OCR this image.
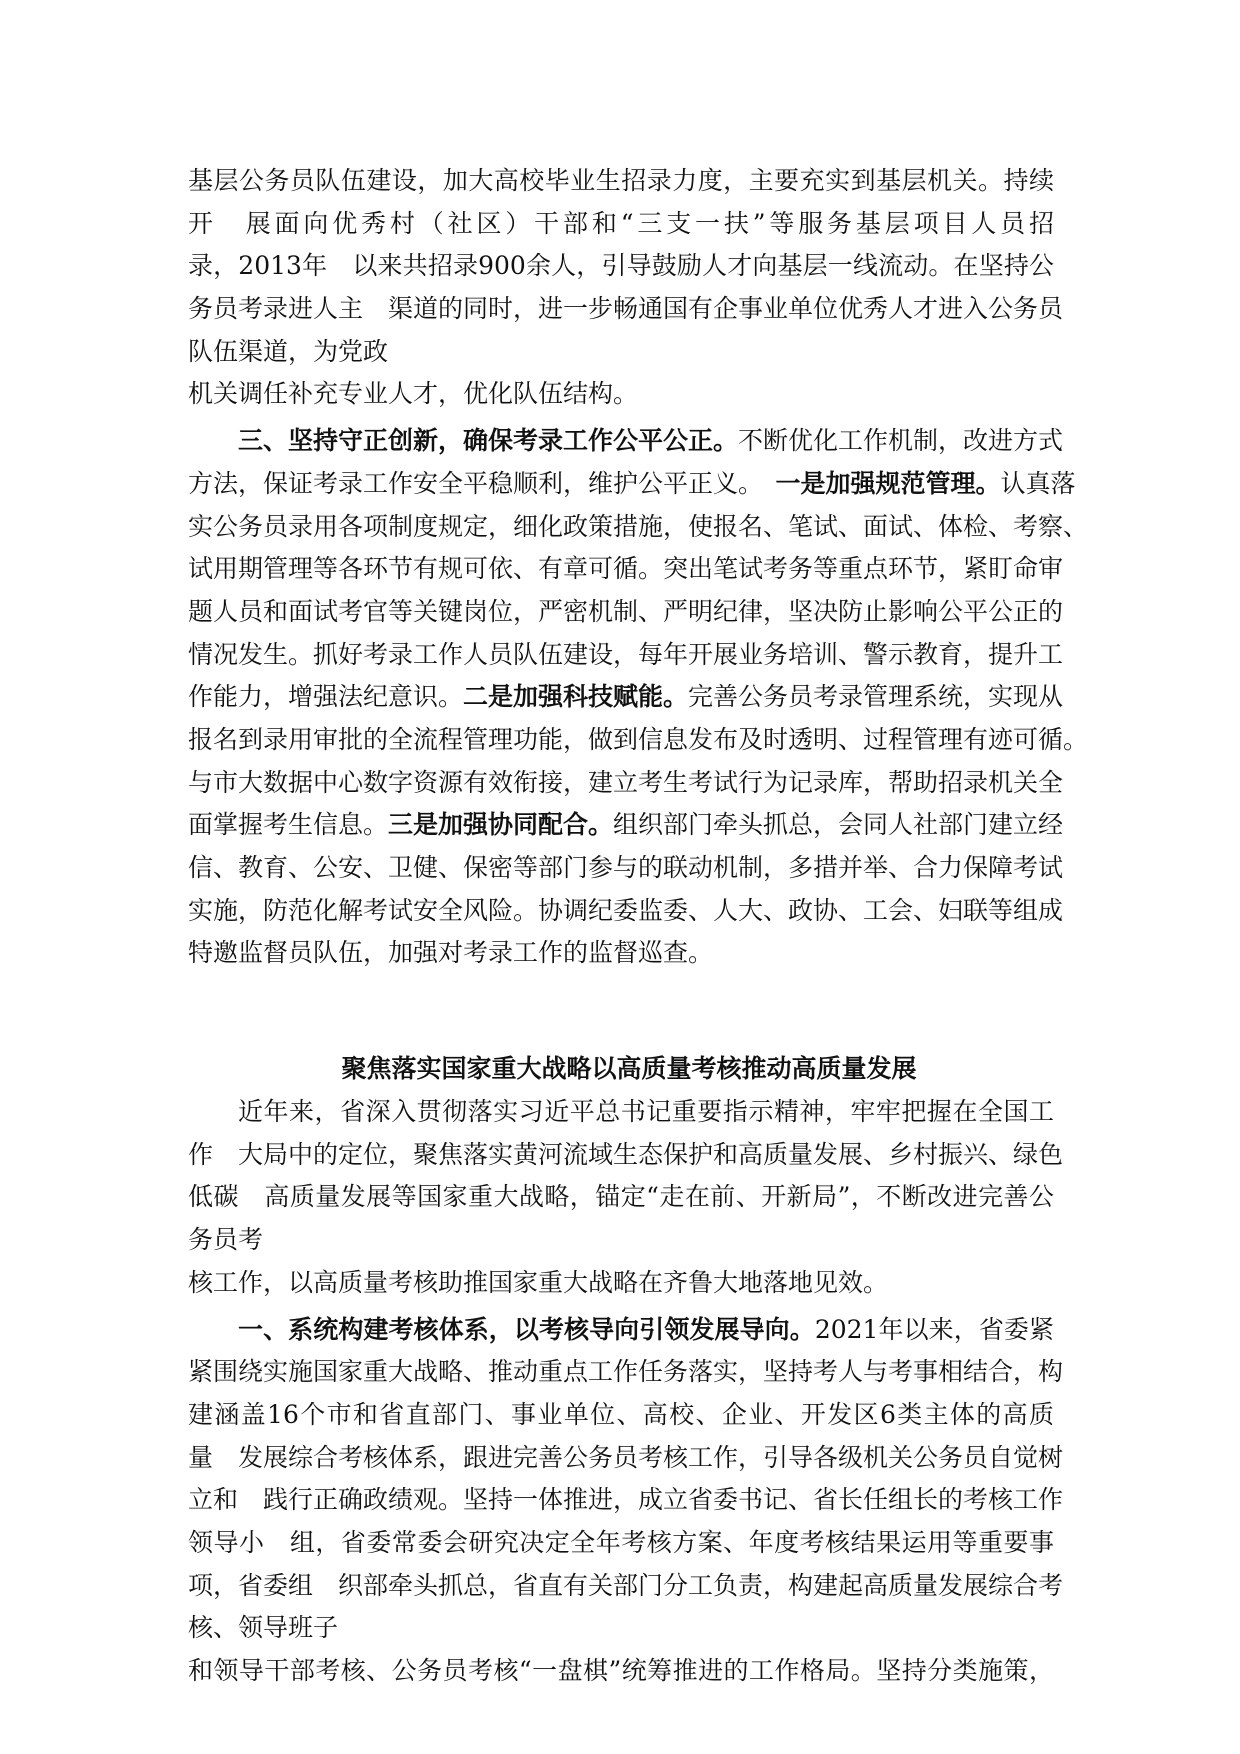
基层公务员队伍建设，加大高校毕业生招录力度，主要充实到基层机关。持续
开　展面向优秀村（社区）干部和“三支一扶”等服务基层项目人员招
录，2013年　以来共招录900余人，引导鼓励人才向基层一线流动。在坚持公
务员考录进人主　渠道的同时，进一步畅通国有企事业单位优秀人才进入公务员
队伍渠道，为党政
机关调任补充专业人才，优化队伍结构。
三、坚持守正创新，确保考录工作公平公正。不断优化工作机制，改进方式
方法，保证考录工作安全平稳顺利，维护公平正义。　一是加强规范管理。认真落
实公务员录用各项制度规定，细化政策措施，使报名、笔试、面试、体检、考察、
试用期管理等各环节有规可依、有章可循。突出笔试考务等重点环节，紧盯命审
题人员和面试考官等关键岗位，严密机制、严明纪律，坚决防止影响公平公正的
情况发生。抓好考录工作人员队伍建设，每年开展业务培训、警示教育，提升工
作能力，增强法纪意识。二是加强科技赋能。完善公务员考录管理系统，实现从
报名到录用审批的全流程管理功能，做到信息发布及时透明、过程管理有迹可循。
与市大数据中心数字资源有效衔接，建立考生考试行为记录库，帮助招录机关全
面掌握考生信息。三是加强协同配合。组织部门牵头抓总，会同人社部门建立经
信、教育、公安、卫健、保密等部门参与的联动机制，多措并举、合力保障考试
实施，防范化解考试安全风险。协调纪委监委、人大、政协、工会、妇联等组成
特邀监督员队伍，加强对考录工作的监督巡查。
聚焦落实国家重大战略以高质量考核推动高质量发展
近年来，省深入贯彻落实习近平总书记重要指示精神，牢牢把握在全国工
作　大局中的定位，聚焦落实黄河流域生态保护和高质量发展、乡村振兴、绿色
低碳　高质量发展等国家重大战略，锚定“走在前、开新局”，不断改进完善公
务员考
核工作，以高质量考核助推国家重大战略在齐鲁大地落地见效。
一、系统构建考核体系，以考核导向引领发展导向。2021年以来，省委紧
紧围绕实施国家重大战略、推动重点工作任务落实，坚持考人与考事相结合，构
建涵盖16个市和省直部门、事业单位、高校、企业、开发区6类主体的高质
量　发展综合考核体系，跟进完善公务员考核工作，引导各级机关公务员自觉树
立和　践行正确政绩观。坚持一体推进，成立省委书记、省长任组长的考核工作
领导小　组，省委常委会研究决定全年考核方案、年度考核结果运用等重要事
项，省委组　织部牵头抓总，省直有关部门分工负责，构建起高质量发展综合考
核、领导班子
和领导干部考核、公务员考核“一盘棋”统筹推进的工作格局。坚持分类施策，
